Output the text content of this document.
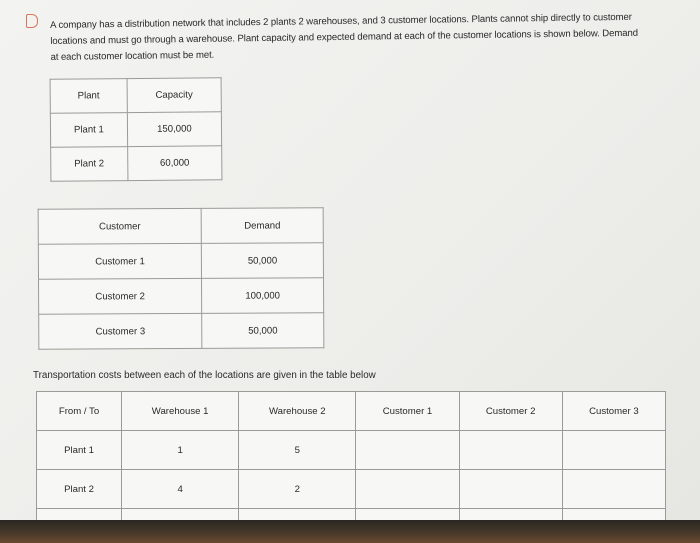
A company has a distribution network that includes 2 plants 2 warehouses, and 3 customer locations. Plants cannot ship directly to customer locations and must go through a warehouse. Plant capacity and expected demand at each of the customer locations is shown below. Demand at each customer location must be met.
Plant	Capacity
Plant 1	150,000
Plant 2	60,000
Customer	Demand
Customer 1	50,000
Customer 2	100,000
Customer 3	50,000
Transportation costs between each of the locations are given in the table below
From / To	Warehouse 1	Warehouse 2	Customer 1	Customer 2	Customer 3
Plant 1	1	5			
Plant 2	4	2			
